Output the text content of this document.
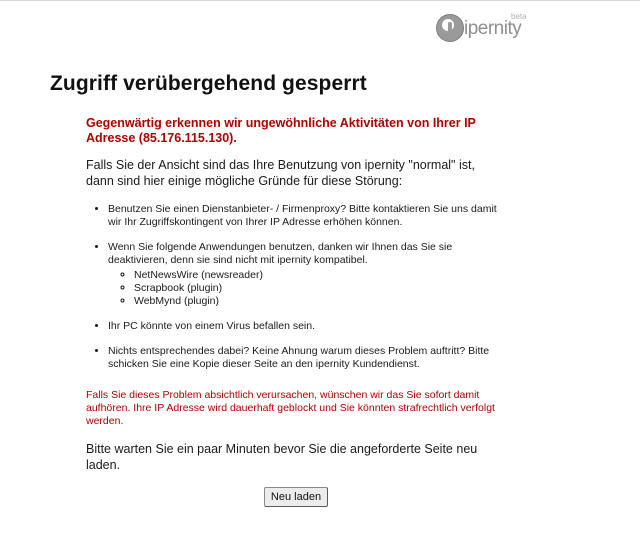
ipernity
beta
Zugriff verübergehend gesperrt

Gegenwärtig erkennen wir ungewöhnliche Aktivitäten von Ihrer IP Adresse (85.176.115.130).

Falls Sie der Ansicht sind das Ihre Benutzung von ipernity "normal" ist, dann sind hier einige mögliche Gründe für diese Störung:

• Benutzen Sie einen Dienstanbieter- / Firmenproxy? Bitte kontaktieren Sie uns damit wir Ihr Zugriffskontingent von Ihrer IP Adresse erhöhen können.
• Wenn Sie folgende Anwendungen benutzen, danken wir Ihnen das Sie sie deaktivieren, denn sie sind nicht mit ipernity kompatibel.
◦ NetNewsWire (newsreader)
◦ Scrapbook (plugin)
◦ WebMynd (plugin)
• Ihr PC könnte von einem Virus befallen sein.
• Nichts entsprechendes dabei? Keine Ahnung warum dieses Problem auftritt? Bitte schicken Sie eine Kopie dieser Seite an den ipernity Kundendienst.

Falls Sie dieses Problem absichtlich verursachen, wünschen wir das Sie sofort damit aufhören. Ihre IP Adresse wird dauerhaft geblockt und Sie könnten strafrechtlich verfolgt werden.

Bitte warten Sie ein paar Minuten bevor Sie die angeforderte Seite neu laden.

Neu laden
